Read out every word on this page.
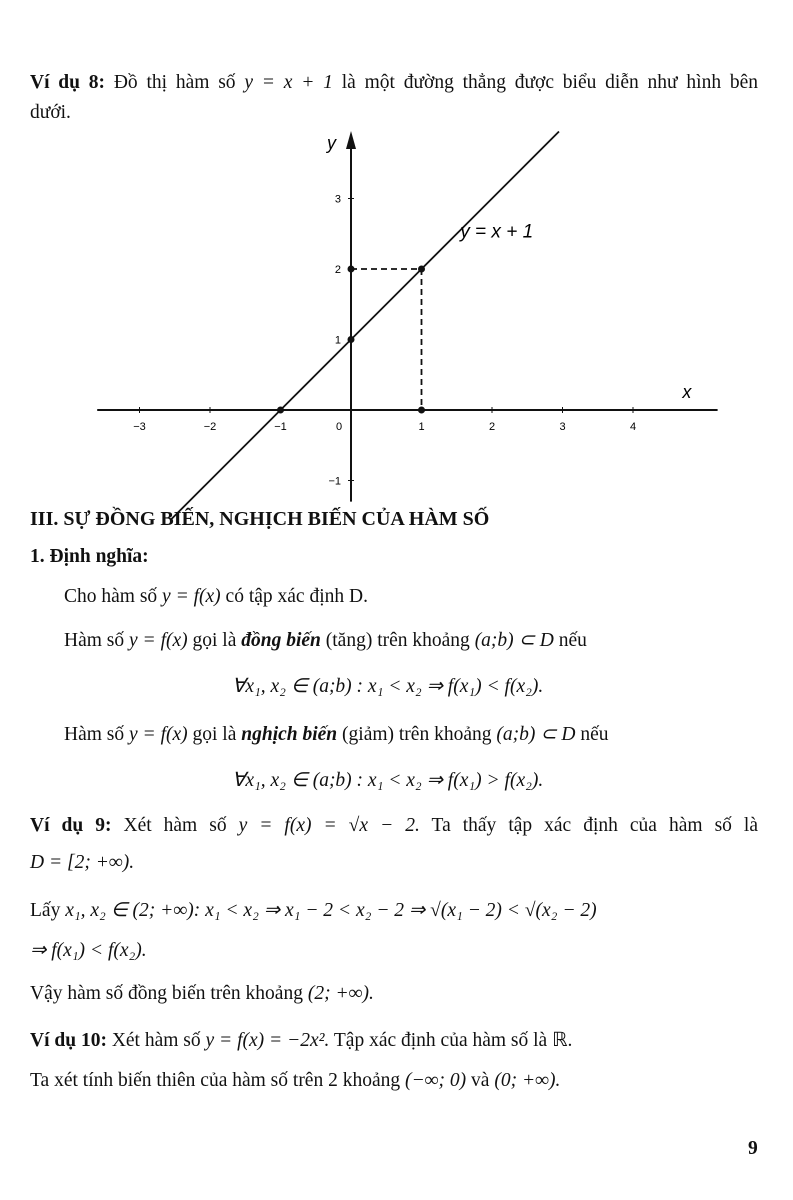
Ví dụ 8: Đồ thị hàm số y = x + 1 là một đường thẳng được biểu diễn như hình bên
dưới.
y
x
−3	−2	−1	1	2	3	4
0
−1
1
2
3
y = x + 1
III. SỰ ĐỒNG BIẾN, NGHỊCH BIẾN CỦA HÀM SỐ
1. Định nghĩa:
Cho hàm số y = f(x) có tập xác định D.
Hàm số y = f(x) gọi là đồng biến (tăng) trên khoảng (a;b) ⊂ D nếu
∀x₁, x₂ ∈ (a;b) : x₁ < x₂ ⇒ f(x₁) < f(x₂).
Hàm số y = f(x) gọi là nghịch biến (giảm) trên khoảng (a;b) ⊂ D nếu
∀x₁, x₂ ∈ (a;b) : x₁ < x₂ ⇒ f(x₁) > f(x₂).
Ví dụ 9: Xét hàm số y = f(x) = √x − 2. Ta thấy tập xác định của hàm số là
D = [2; +∞).
Lấy x₁, x₂ ∈ (2; +∞): x₁ < x₂ ⇒ x₁ − 2 < x₂ − 2 ⇒ √(x₁ − 2) < √(x₂ − 2)
⇒ f(x₁) < f(x₂).
Vậy hàm số đồng biến trên khoảng (2; +∞).
Ví dụ 10: Xét hàm số y = f(x) = −2x². Tập xác định của hàm số là ℝ.
Ta xét tính biến thiên của hàm số trên 2 khoảng (−∞; 0) và (0; +∞).
9
